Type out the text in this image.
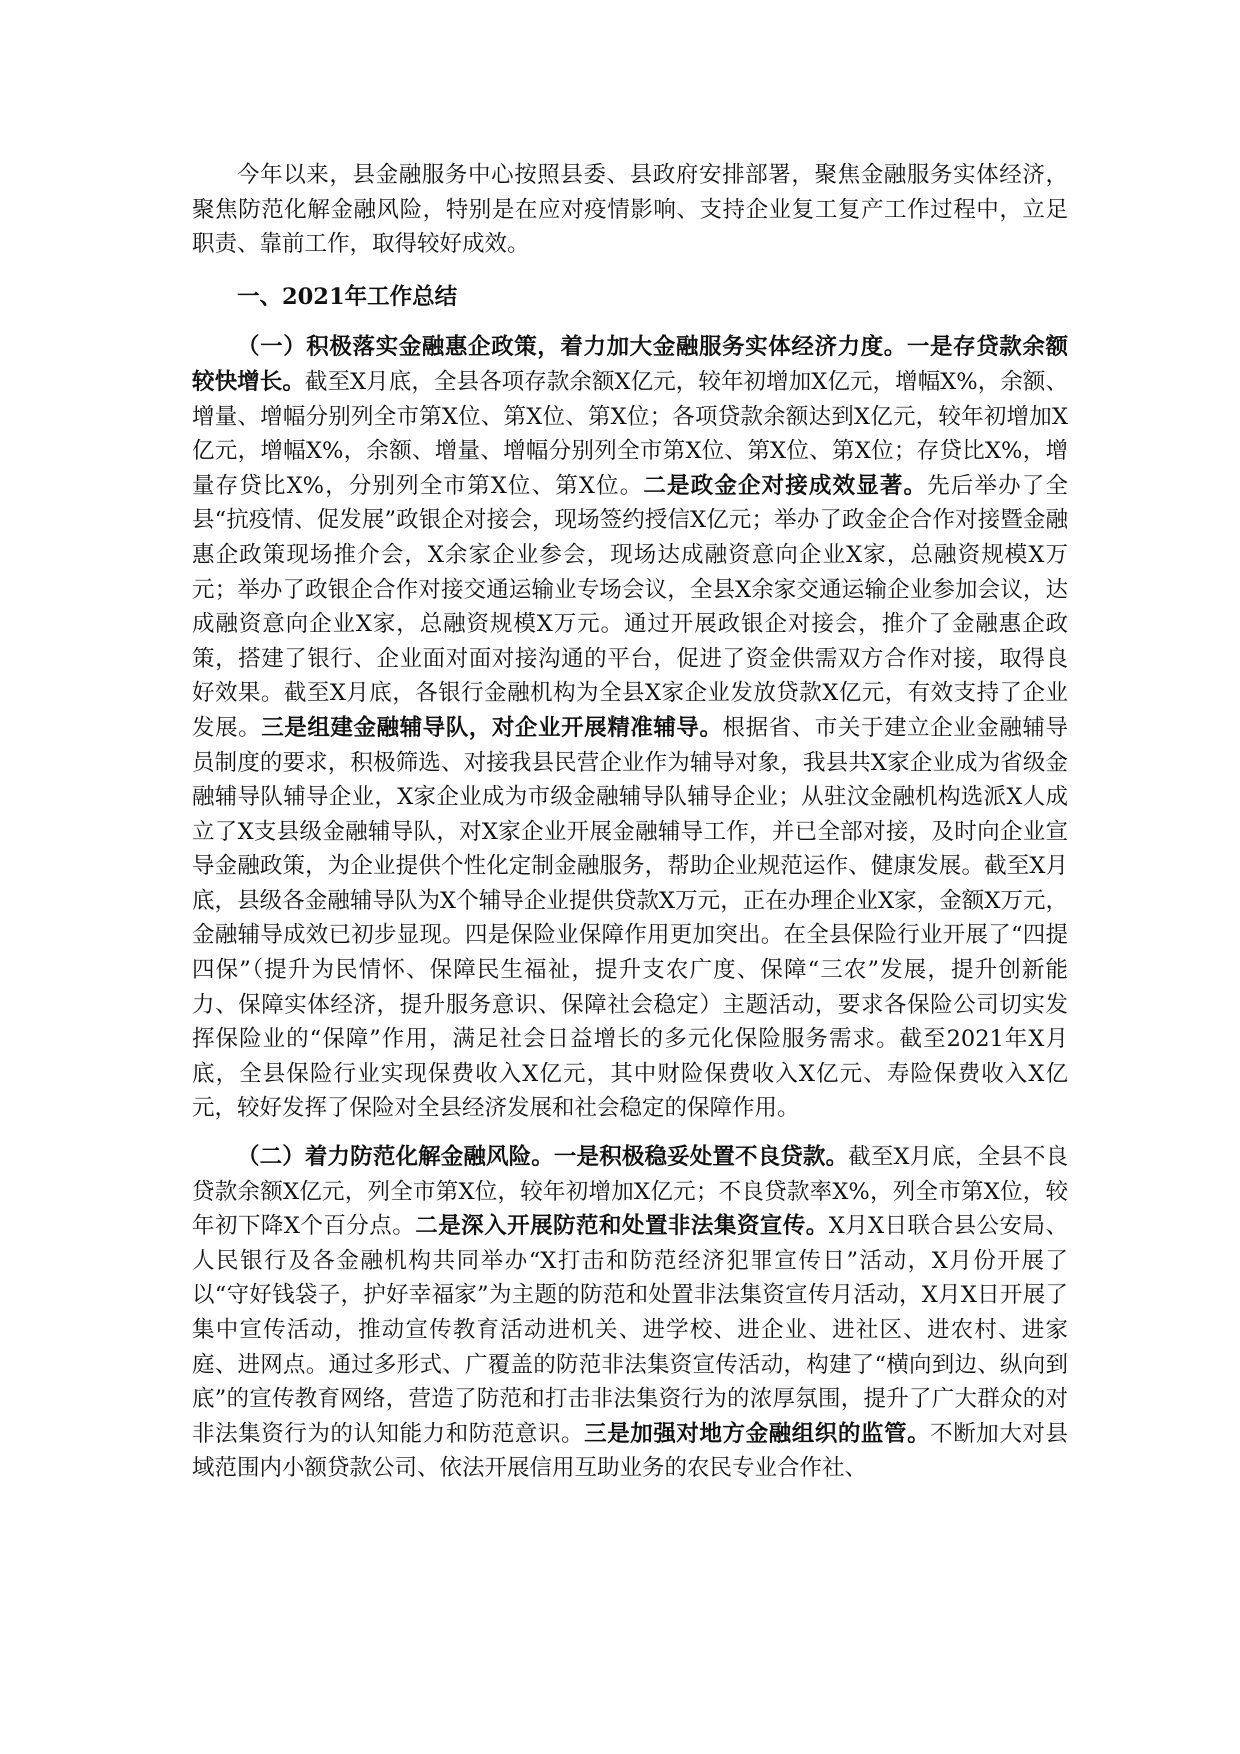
今年以来，县金融服务中心按照县委、县政府安排部署，聚焦金融服务实体经济，聚焦防范化解金融风险，特别是在应对疫情影响、支持企业复工复产工作过程中，立足职责、靠前工作，取得较好成效。

一、2021年工作总结

（一）积极落实金融惠企政策，着力加大金融服务实体经济力度。一是存贷款余额较快增长。截至X月底，全县各项存款余额X亿元，较年初增加X亿元，增幅X%，余额、增量、增幅分别列全市第X位、第X位、第X位；各项贷款余额达到X亿元，较年初增加X亿元，增幅X%，余额、增量、增幅分别列全市第X位、第X位、第X位；存贷比X%，增量存贷比X%，分别列全市第X位、第X位。二是政金企对接成效显著。先后举办了全县“抗疫情、促发展”政银企对接会，现场签约授信X亿元；举办了政金企合作对接暨金融惠企政策现场推介会，X余家企业参会，现场达成融资意向企业X家，总融资规模X万元；举办了政银企合作对接交通运输业专场会议，全县X余家交通运输企业参加会议，达成融资意向企业X家，总融资规模X万元。通过开展政银企对接会，推介了金融惠企政策，搭建了银行、企业面对面对接沟通的平台，促进了资金供需双方合作对接，取得良好效果。截至X月底，各银行金融机构为全县X家企业发放贷款X亿元，有效支持了企业发展。三是组建金融辅导队，对企业开展精准辅导。根据省、市关于建立企业金融辅导员制度的要求，积极筛选、对接我县民营企业作为辅导对象，我县共X家企业成为省级金融辅导队辅导企业，X家企业成为市级金融辅导队辅导企业；从驻汶金融机构选派X人成立了X支县级金融辅导队，对X家企业开展金融辅导工作，并已全部对接，及时向企业宣导金融政策，为企业提供个性化定制金融服务，帮助企业规范运作、健康发展。截至X月底，县级各金融辅导队为X个辅导企业提供贷款X万元，正在办理企业X家，金额X万元，金融辅导成效已初步显现。四是保险业保障作用更加突出。在全县保险行业开展了“四提四保”（提升为民情怀、保障民生福祉，提升支农广度、保障“三农”发展，提升创新能力、保障实体经济，提升服务意识、保障社会稳定）主题活动，要求各保险公司切实发挥保险业的“保障”作用，满足社会日益增长的多元化保险服务需求。截至2021年X月底，全县保险行业实现保费收入X亿元，其中财险保费收入X亿元、寿险保费收入X亿元，较好发挥了保险对全县经济发展和社会稳定的保障作用。

（二）着力防范化解金融风险。一是积极稳妥处置不良贷款。截至X月底，全县不良贷款余额X亿元，列全市第X位，较年初增加X亿元；不良贷款率X%，列全市第X位，较年初下降X个百分点。二是深入开展防范和处置非法集资宣传。X月X日联合县公安局、人民银行及各金融机构共同举办“X打击和防范经济犯罪宣传日”活动，X月份开展了以“守好钱袋子，护好幸福家”为主题的防范和处置非法集资宣传月活动，X月X日开展了集中宣传活动，推动宣传教育活动进机关、进学校、进企业、进社区、进农村、进家庭、进网点。通过多形式、广覆盖的防范非法集资宣传活动，构建了“横向到边、纵向到底”的宣传教育网络，营造了防范和打击非法集资行为的浓厚氛围，提升了广大群众的对非法集资行为的认知能力和防范意识。三是加强对地方金融组织的监管。不断加大对县域范围内小额贷款公司、依法开展信用互助业务的农民专业合作社、
